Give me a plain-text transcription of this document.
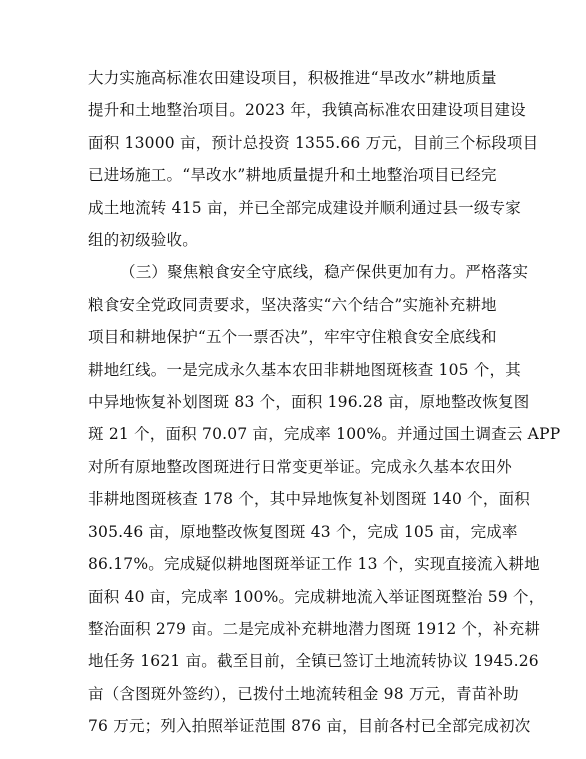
大力实施高标准农田建设项目，积极推进“旱改水”耕地质量
提升和土地整治项目。2023 年，我镇高标准农田建设项目建设
面积 13000 亩，预计总投资 1355.66 万元，目前三个标段项目
已进场施工。“旱改水”耕地质量提升和土地整治项目已经完
成土地流转 415 亩，并已全部完成建设并顺利通过县一级专家
组的初级验收。
（三）聚焦粮食安全守底线，稳产保供更加有力。严格落实
粮食安全党政同责要求，坚决落实“六个结合”实施补充耕地
项目和耕地保护“五个一票否决”，牢牢守住粮食安全底线和
耕地红线。一是完成永久基本农田非耕地图斑核查 105 个，其
中异地恢复补划图斑 83 个，面积 196.28 亩，原地整改恢复图
斑 21 个，面积 70.07 亩，完成率 100%。并通过国土调查云 APP
对所有原地整改图斑进行日常变更举证。完成永久基本农田外
非耕地图斑核查 178 个，其中异地恢复补划图斑 140 个，面积
305.46 亩，原地整改恢复图斑 43 个，完成 105 亩，完成率
86.17%。完成疑似耕地图斑举证工作 13 个，实现直接流入耕地
面积 40 亩，完成率 100%。完成耕地流入举证图斑整治 59 个，
整治面积 279 亩。二是完成补充耕地潜力图斑 1912 个，补充耕
地任务 1621 亩。截至目前，全镇已签订土地流转协议 1945.26
亩（含图斑外签约），已拨付土地流转租金 98 万元，青苗补助
76 万元；列入拍照举证范围 876 亩，目前各村已全部完成初次
